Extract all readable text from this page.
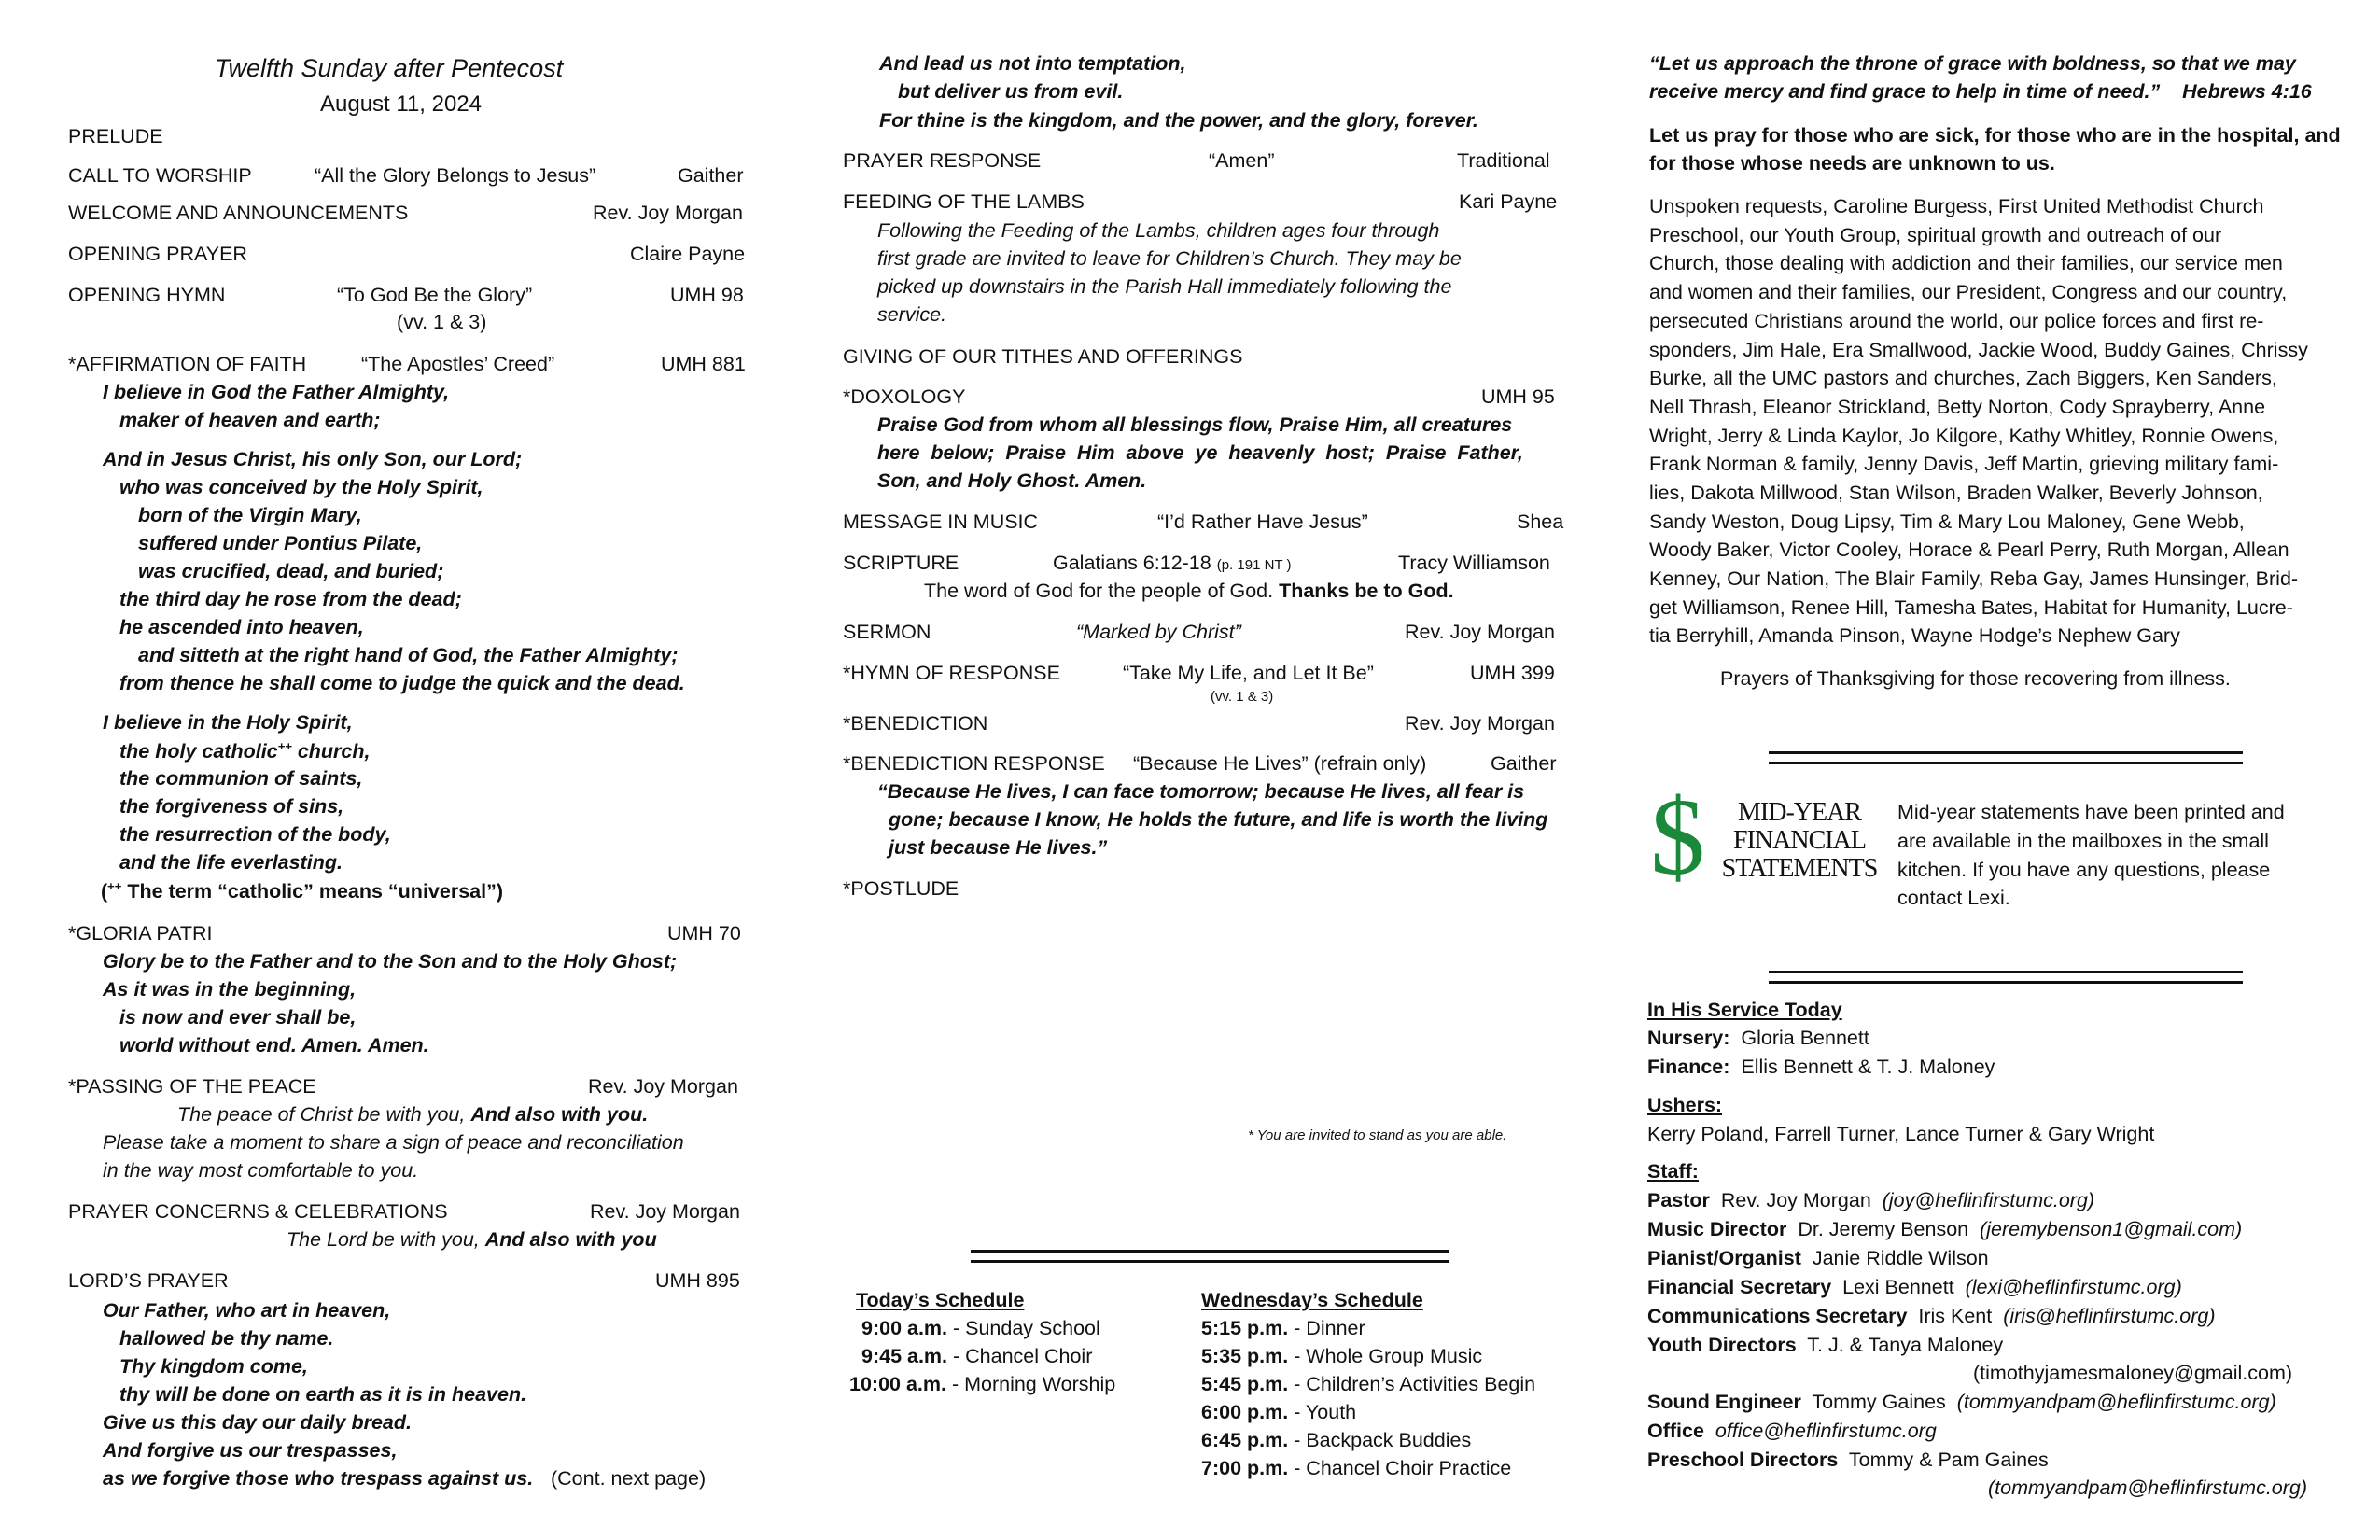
Twelfth Sunday after Pentecost
August 11, 2024
PRELUDE
CALL TO WORSHIP	“All the Glory Belongs to Jesus”	Gaither
WELCOME AND ANNOUNCEMENTS	Rev. Joy Morgan
OPENING PRAYER	Claire Payne
OPENING HYMN	“To God Be the Glory”	UMH 98
(vv. 1 & 3)
*AFFIRMATION OF FAITH	“The Apostles’ Creed”	UMH 881
I believe in God the Father Almighty,
maker of heaven and earth;
And in Jesus Christ, his only Son, our Lord;
who was conceived by the Holy Spirit,
born of the Virgin Mary,
suffered under Pontius Pilate,
was crucified, dead, and buried;
the third day he rose from the dead;
he ascended into heaven,
and sitteth at the right hand of God, the Father Almighty;
from thence he shall come to judge the quick and the dead.
I believe in the Holy Spirit,
the holy catholic++ church,
the communion of saints,
the forgiveness of sins,
the resurrection of the body,
and the life everlasting.
(++ The term “catholic” means “universal”)
*GLORIA PATRI	UMH 70
Glory be to the Father and to the Son and to the Holy Ghost;
As it was in the beginning,
is now and ever shall be,
world without end. Amen. Amen.
*PASSING OF THE PEACE	Rev. Joy Morgan
The peace of Christ be with you, And also with you.
Please take a moment to share a sign of peace and reconciliation
in the way most comfortable to you.
PRAYER CONCERNS & CELEBRATIONS	Rev. Joy Morgan
The Lord be with you, And also with you
LORD’S PRAYER	UMH 895
Our Father, who art in heaven,
hallowed be thy name.
Thy kingdom come,
thy will be done on earth as it is in heaven.
Give us this day our daily bread.
And forgive us our trespasses,
as we forgive those who trespass against us. (Cont. next page)
And lead us not into temptation,
but deliver us from evil.
For thine is the kingdom, and the power, and the glory, forever.
PRAYER RESPONSE	“Amen”	Traditional
FEEDING OF THE LAMBS	Kari Payne
Following the Feeding of the Lambs, children ages four through
first grade are invited to leave for Children’s Church. They may be
picked up downstairs in the Parish Hall immediately following the
service.
GIVING OF OUR TITHES AND OFFERINGS
*DOXOLOGY	UMH 95
Praise God from whom all blessings flow, Praise Him, all creatures
here  below;  Praise  Him  above  ye  heavenly  host;  Praise  Father,
Son, and Holy Ghost. Amen.
MESSAGE IN MUSIC	“I’d Rather Have Jesus”	Shea
SCRIPTURE	Galatians 6:12-18 (p. 191 NT )	Tracy Williamson
The word of God for the people of God. Thanks be to God.
SERMON	“Marked by Christ”	Rev. Joy Morgan
*HYMN OF RESPONSE	“Take My Life, and Let It Be”	UMH 399
(vv. 1 & 3)
*BENEDICTION	Rev. Joy Morgan
*BENEDICTION RESPONSE “Because He Lives” (refrain only)	Gaither
“Because He lives, I can face tomorrow; because He lives, all fear is
gone; because I know, He holds the future, and life is worth the living
just because He lives.”
*POSTLUDE
* You are invited to stand as you are able.
Today’s Schedule
9:00 a.m. - Sunday School
9:45 a.m. - Chancel Choir
10:00 a.m. - Morning Worship
Wednesday’s Schedule
5:15 p.m. - Dinner
5:35 p.m. - Whole Group Music
5:45 p.m. - Children’s Activities Begin
6:00 p.m. - Youth
6:45 p.m. - Backpack Buddies
7:00 p.m. - Chancel Choir Practice
“Let us approach the throne of grace with boldness, so that we may
receive mercy and find grace to help in time of need.” Hebrews 4:16
Let us pray for those who are sick, for those who are in the hospital, and
for those whose needs are unknown to us.
Unspoken requests, Caroline Burgess, First United Methodist Church
Preschool, our Youth Group, spiritual growth and outreach of our
Church, those dealing with addiction and their families, our service men
and women and their families, our President, Congress and our country,
persecuted Christians around the world, our police forces and first re-
sponders, Jim Hale, Era Smallwood, Jackie Wood, Buddy Gaines, Chrissy
Burke, all the UMC pastors and churches, Zach Biggers, Ken Sanders,
Nell Thrash, Eleanor Strickland, Betty Norton, Cody Sprayberry, Anne
Wright, Jerry & Linda Kaylor, Jo Kilgore, Kathy Whitley, Ronnie Owens,
Frank Norman & family, Jenny Davis, Jeff Martin, grieving military fami-
lies, Dakota Millwood, Stan Wilson, Braden Walker, Beverly Johnson,
Sandy Weston, Doug Lipsy, Tim & Mary Lou Maloney, Gene Webb,
Woody Baker, Victor Cooley, Horace & Pearl Perry, Ruth Morgan, Allean
Kenney, Our Nation, The Blair Family, Reba Gay, James Hunsinger, Brid-
get Williamson, Renee Hill, Tamesha Bates, Habitat for Humanity, Lucre-
tia Berryhill, Amanda Pinson, Wayne Hodge’s Nephew Gary
Prayers of Thanksgiving for those recovering from illness.
$	MID-YEAR
FINANCIAL
STATEMENTS
Mid-year statements have been printed and
are available in the mailboxes in the small
kitchen. If you have any questions, please
contact Lexi.
In His Service Today
Nursery: Gloria Bennett
Finance: Ellis Bennett & T. J. Maloney
Ushers:
Kerry Poland, Farrell Turner, Lance Turner & Gary Wright
Staff:
Pastor Rev. Joy Morgan (joy@heflinfirstumc.org)
Music Director Dr. Jeremy Benson (jeremybenson1@gmail.com)
Pianist/Organist Janie Riddle Wilson
Financial Secretary Lexi Bennett (lexi@heflinfirstumc.org)
Communications Secretary Iris Kent (iris@heflinfirstumc.org)
Youth Directors T. J. & Tanya Maloney
(timothyjamesmaloney@gmail.com)
Sound Engineer Tommy Gaines (tommyandpam@heflinfirstumc.org)
Office office@heflinfirstumc.org
Preschool Directors Tommy & Pam Gaines
(tommyandpam@heflinfirstumc.org)
